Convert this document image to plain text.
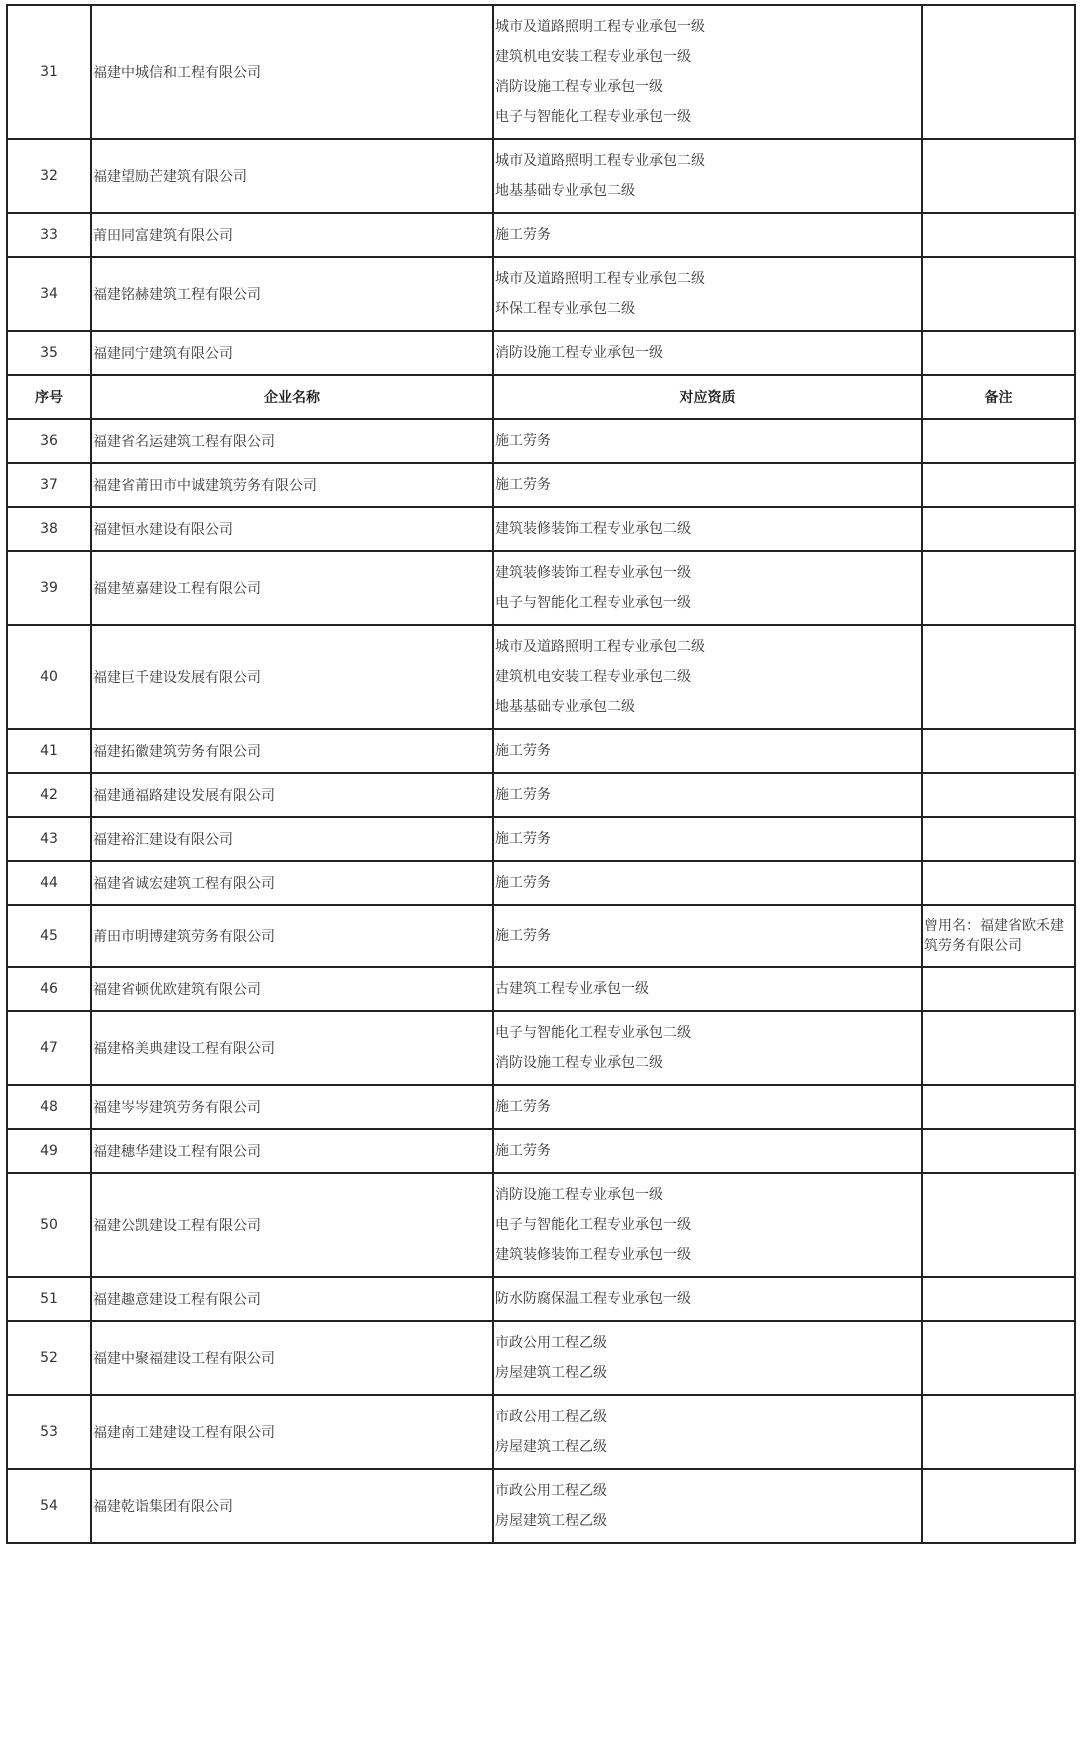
31	福建中城信和工程有限公司	城市及道路照明工程专业承包一级
建筑机电安装工程专业承包一级
消防设施工程专业承包一级
电子与智能化工程专业承包一级	

32	福建望励芒建筑有限公司	城市及道路照明工程专业承包二级
地基基础专业承包二级	

33	莆田同富建筑有限公司	施工劳务	

34	福建铭赫建筑工程有限公司	城市及道路照明工程专业承包二级
环保工程专业承包二级	

35	福建同宁建筑有限公司	消防设施工程专业承包一级	

序号	企业名称	对应资质	备注
36	福建省名运建筑工程有限公司	施工劳务	

37	福建省莆田市中诚建筑劳务有限公司	施工劳务	

38	福建恒水建设有限公司	建筑装修装饰工程专业承包二级	

39	福建堃嘉建设工程有限公司	建筑装修装饰工程专业承包一级
电子与智能化工程专业承包一级	

40	福建巨千建设发展有限公司	城市及道路照明工程专业承包二级
建筑机电安装工程专业承包二级
地基基础专业承包二级	

41	福建拓徽建筑劳务有限公司	施工劳务	

42	福建通福路建设发展有限公司	施工劳务	

43	福建裕汇建设有限公司	施工劳务	

44	福建省诚宏建筑工程有限公司	施工劳务	

45	莆田市明博建筑劳务有限公司	施工劳务	曾用名：福建省欧禾建筑劳务有限公司
46	福建省顿优欧建筑有限公司	古建筑工程专业承包一级	

47	福建格美典建设工程有限公司	电子与智能化工程专业承包二级
消防设施工程专业承包二级	

48	福建岑岑建筑劳务有限公司	施工劳务	

49	福建穗华建设工程有限公司	施工劳务	

50	福建公凯建设工程有限公司	消防设施工程专业承包一级
电子与智能化工程专业承包一级
建筑装修装饰工程专业承包一级	

51	福建趣意建设工程有限公司	防水防腐保温工程专业承包一级	

52	福建中聚福建设工程有限公司	市政公用工程乙级
房屋建筑工程乙级	

53	福建南工建建设工程有限公司	市政公用工程乙级
房屋建筑工程乙级	

54	福建乾诣集团有限公司	市政公用工程乙级
房屋建筑工程乙级	
